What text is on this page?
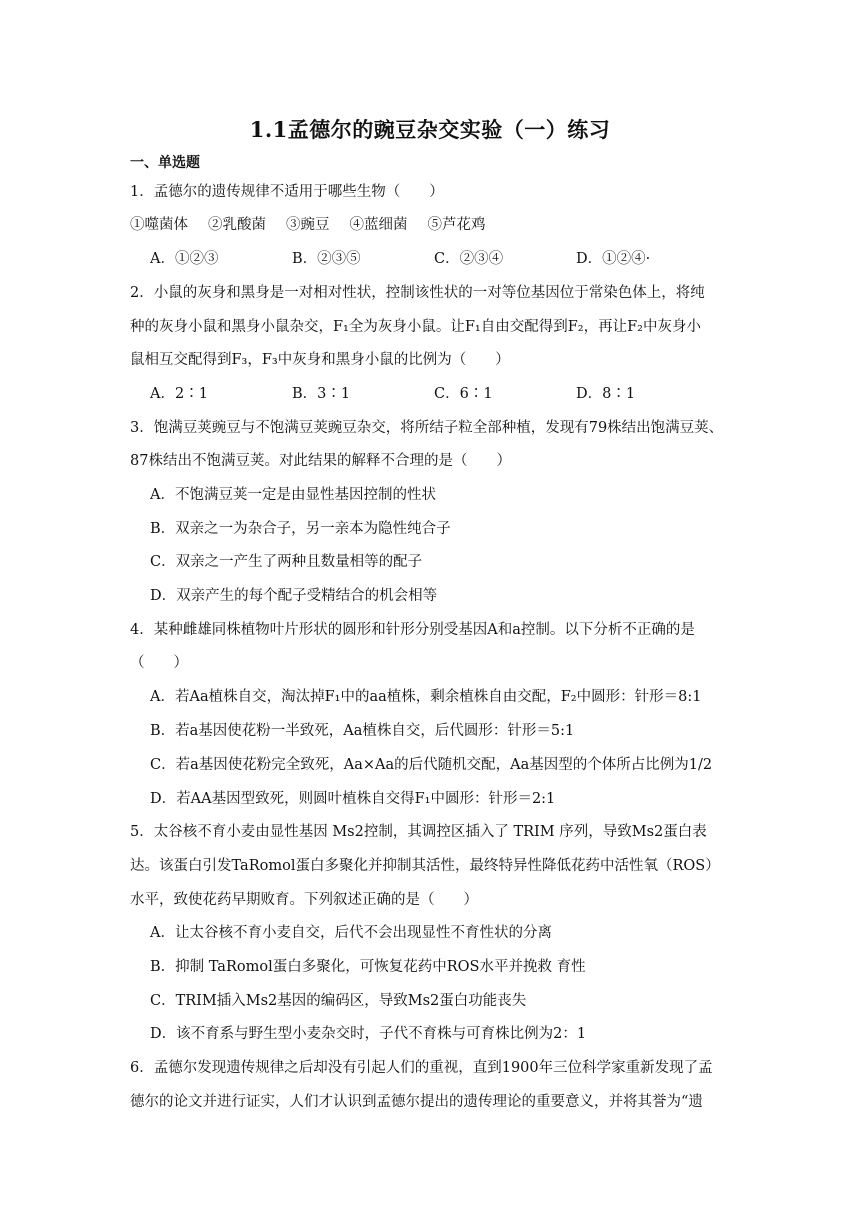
1.1孟德尔的豌豆杂交实验（一）练习
一、单选题
1．孟德尔的遗传规律不适用于哪些生物（　　）
①噬菌体 ②乳酸菌 ③豌豆 ④蓝细菌 ⑤芦花鸡
A．①②③	B．②③⑤	C．②③④	D．①②④·
2．小鼠的灰身和黑身是一对相对性状，控制该性状的一对等位基因位于常染色体上，将纯
种的灰身小鼠和黑身小鼠杂交，F₁全为灰身小鼠。让F₁自由交配得到F₂，再让F₂中灰身小
鼠相互交配得到F₃，F₃中灰身和黑身小鼠的比例为（　　）
A．2∶1	B．3∶1	C．6∶1	D．8∶1
3．饱满豆荚豌豆与不饱满豆荚豌豆杂交，将所结子粒全部种植，发现有79株结出饱满豆荚、
87株结出不饱满豆荚。对此结果的解释不合理的是（　　）
A．不饱满豆荚一定是由显性基因控制的性状
B．双亲之一为杂合子，另一亲本为隐性纯合子
C．双亲之一产生了两种且数量相等的配子
D．双亲产生的每个配子受精结合的机会相等
4．某种雌雄同株植物叶片形状的圆形和针形分别受基因A和a控制。以下分析不正确的是
（　　）
A．若Aa植株自交，淘汰掉F₁中的aa植株，剩余植株自由交配，F₂中圆形：针形＝8:1
B．若a基因使花粉一半致死，Aa植株自交，后代圆形：针形＝5:1
C．若a基因使花粉完全致死，Aa×Aa的后代随机交配，Aa基因型的个体所占比例为1/2
D．若AA基因型致死，则圆叶植株自交得F₁中圆形：针形＝2:1
5．太谷核不育小麦由显性基因 Ms2控制，其调控区插入了 TRIM 序列，导致Ms2蛋白表
达。该蛋白引发TaRomol蛋白多聚化并抑制其活性，最终特异性降低花药中活性氧（ROS）
水平，致使花药早期败育。下列叙述正确的是（　　）
A．让太谷核不育小麦自交，后代不会出现显性不育性状的分离
B．抑制 TaRomol蛋白多聚化，可恢复花药中ROS水平并挽救 育性
C．TRIM插入Ms2基因的编码区，导致Ms2蛋白功能丧失
D．该不育系与野生型小麦杂交时，子代不育株与可育株比例为2：1
6．孟德尔发现遗传规律之后却没有引起人们的重视，直到1900年三位科学家重新发现了孟
德尔的论文并进行证实，人们才认识到孟德尔提出的遗传理论的重要意义，并将其誉为“遗
